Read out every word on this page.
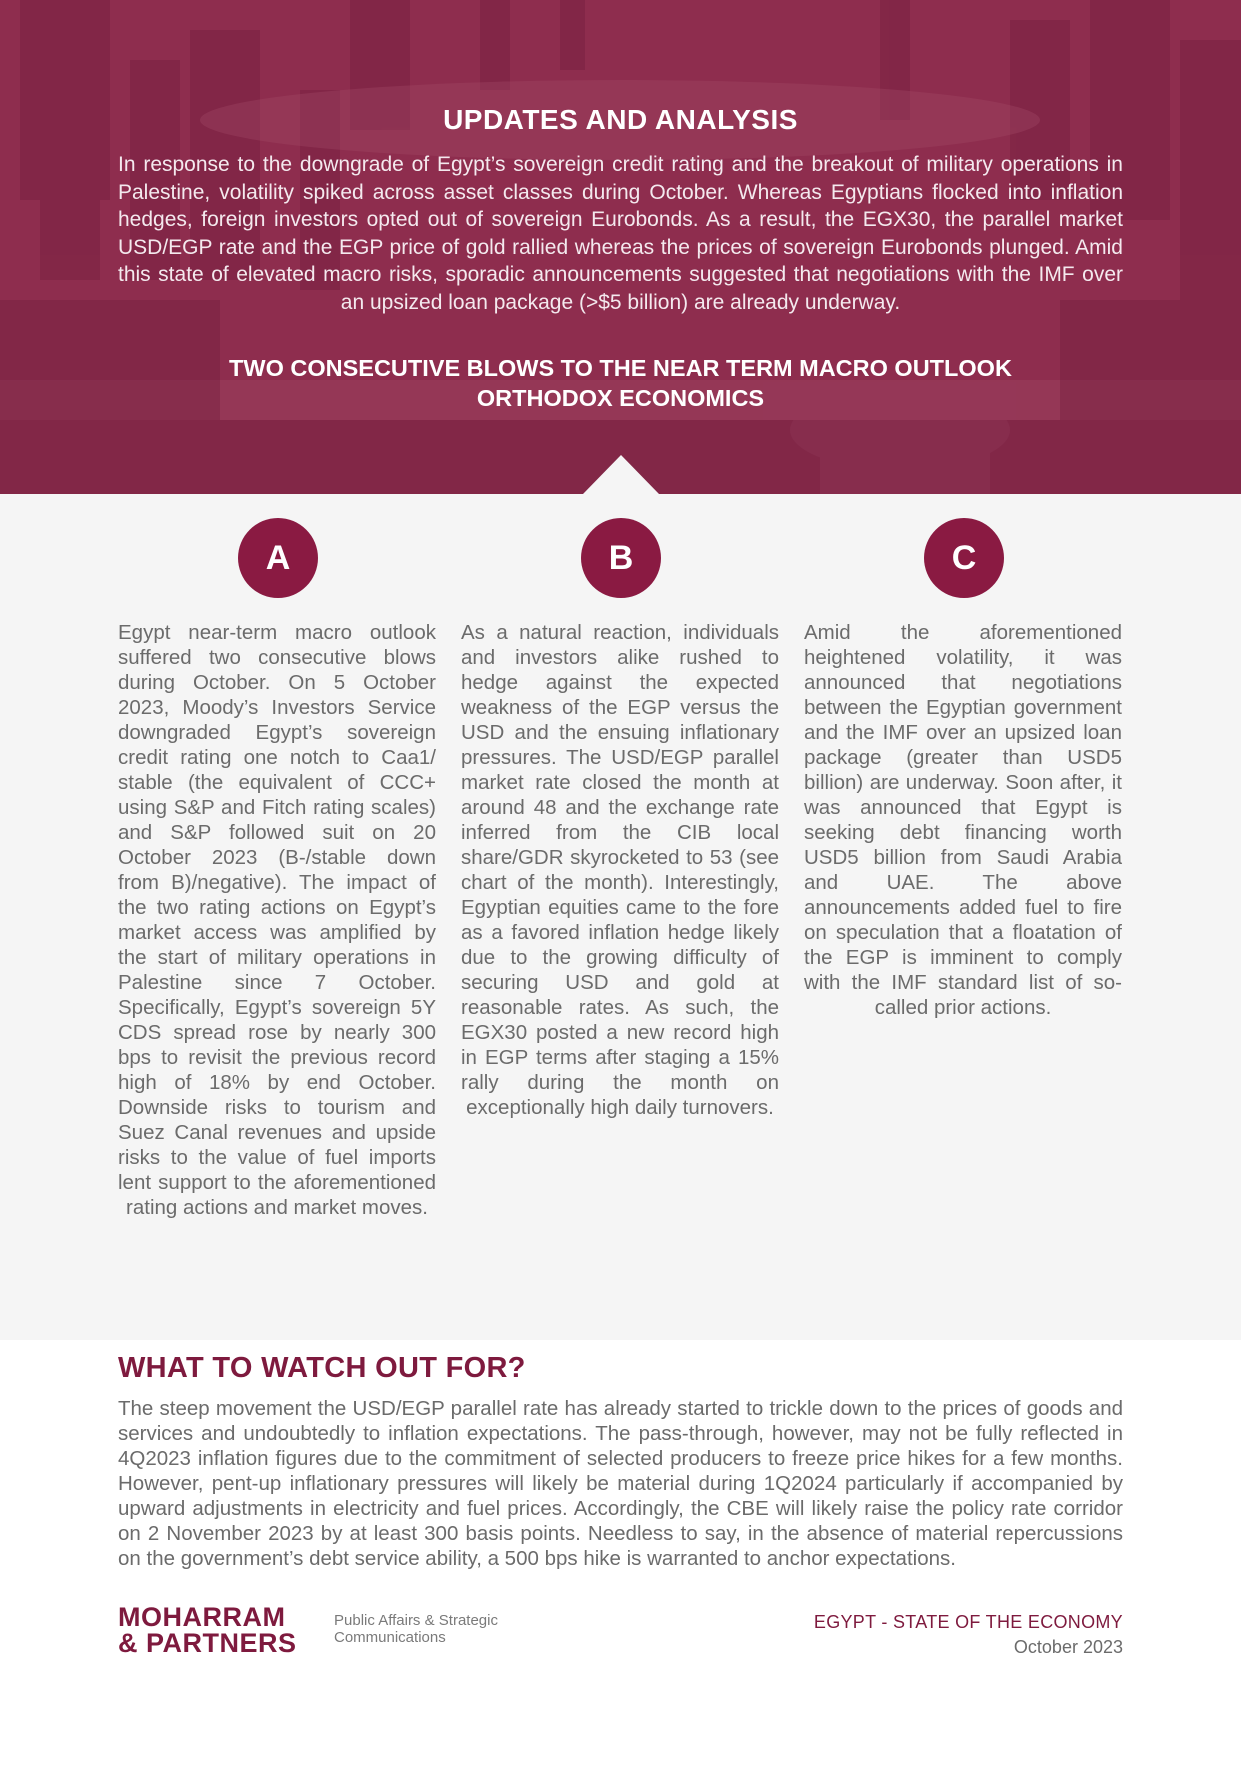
UPDATES AND ANALYSIS
In response to the downgrade of Egypt’s sovereign credit rating and the breakout of military operations in Palestine, volatility spiked across asset classes during October. Whereas Egyptians flocked into inflation hedges, foreign investors opted out of sovereign Eurobonds. As a result, the EGX30, the parallel market USD/EGP rate and the EGP price of gold rallied whereas the prices of sovereign Eurobonds plunged. Amid this state of elevated macro risks, sporadic announcements suggested that negotiations with the IMF over an upsized loan package (>$5 billion) are already underway.
TWO CONSECUTIVE BLOWS TO THE NEAR TERM MACRO OUTLOOK
ORTHODOX ECONOMICS
A	B	C
Egypt near-term macro outlook suffered two consecutive blows during October. On 5 October 2023, Moody’s Investors Service downgraded Egypt’s sovereign credit rating one notch to Caa1/ stable (the equivalent of CCC+ using S&P and Fitch rating scales) and S&P followed suit on 20 October 2023 (B-/stable down from B)/negative). The impact of the two rating actions on Egypt’s market access was amplified by the start of military operations in Palestine since 7 October. Specifically, Egypt’s sovereign 5Y CDS spread rose by nearly 300 bps to revisit the previous record high of 18% by end October. Downside risks to tourism and Suez Canal revenues and upside risks to the value of fuel imports lent support to the aforementioned rating actions and market moves.
As a natural reaction, individuals and investors alike rushed to hedge against the expected weakness of the EGP versus the USD and the ensuing inflationary pressures. The USD/EGP parallel market rate closed the month at around 48 and the exchange rate inferred from the CIB local share/GDR skyrocketed to 53 (see chart of the month). Interestingly, Egyptian equities came to the fore as a favored inflation hedge likely due to the growing difficulty of securing USD and gold at reasonable rates. As such, the EGX30 posted a new record high in EGP terms after staging a 15% rally during the month on exceptionally high daily turnovers.
Amid the aforementioned heightened volatility, it was announced that negotiations between the Egyptian government and the IMF over an upsized loan package (greater than USD5 billion) are underway. Soon after, it was announced that Egypt is seeking debt financing worth USD5 billion from Saudi Arabia and UAE. The above announcements added fuel to fire on speculation that a floatation of the EGP is imminent to comply with the IMF standard list of so-called prior actions.
WHAT TO WATCH OUT FOR?
The steep movement the USD/EGP parallel rate has already started to trickle down to the prices of goods and services and undoubtedly to inflation expectations. The pass-through, however, may not be fully reflected in 4Q2023 inflation figures due to the commitment of selected producers to freeze price hikes for a few months. However, pent-up inflationary pressures will likely be material during 1Q2024 particularly if accompanied by upward adjustments in electricity and fuel prices. Accordingly, the CBE will likely raise the policy rate corridor on 2 November 2023 by at least 300 basis points. Needless to say, in the absence of material repercussions on the government’s debt service ability, a 500 bps hike is warranted to anchor expectations.
MOHARRAM
& PARTNERS
Public Affairs & Strategic
Communications
EGYPT - STATE OF THE ECONOMY
October 2023
